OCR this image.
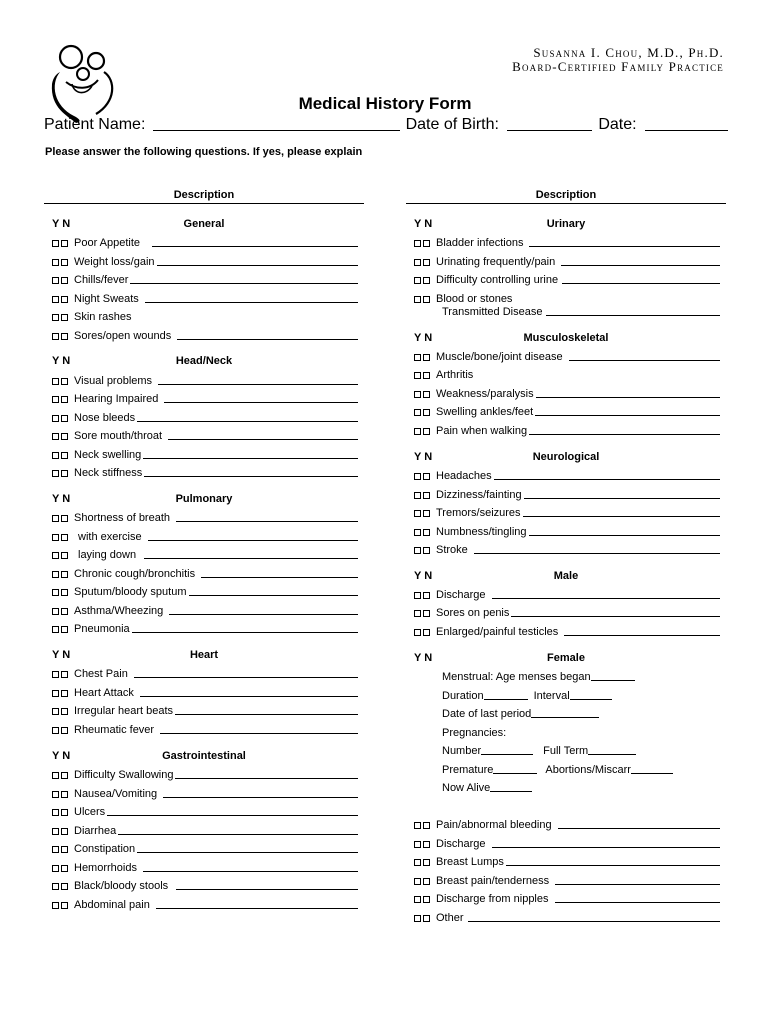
Susanna I. Chou, M.D., Ph.D.
Board-Certified Family Practice
Medical History Form
Patient Name:	Date of Birth:	Date:
Please answer the following questions. If yes, please explain
Description
Y N	General
Poor Appetite
Weight loss/gain
Chills/fever
Night Sweats
Skin rashes
Sores/open wounds
Y N	Head/Neck
Visual problems
Hearing Impaired
Nose bleeds
Sore mouth/throat
Neck swelling
Neck stiffness
Y N	Pulmonary
Shortness of breath
with exercise
laying down
Chronic cough/bronchitis
Sputum/bloody sputum
Asthma/Wheezing
Pneumonia
Y N	Heart
Chest Pain
Heart Attack
Irregular heart beats
Rheumatic fever
Y N	Gastrointestinal
Difficulty Swallowing
Nausea/Vomiting
Ulcers
Diarrhea
Constipation
Hemorrhoids
Black/bloody stools
Abdominal pain
Description
Y N	Urinary
Bladder infections
Urinating frequently/pain
Difficulty controlling urine
Blood or stones
Transmitted Disease
Y N	Musculoskeletal
Muscle/bone/joint disease
Arthritis
Weakness/paralysis
Swelling ankles/feet
Pain when walking
Y N	Neurological
Headaches
Dizziness/fainting
Tremors/seizures
Numbness/tingling
Stroke
Y N	Male
Discharge
Sores on penis
Enlarged/painful testicles
Y N	Female
Menstrual: Age menses began
Duration	Interval
Date of last period
Pregnancies:
Number	Full Term
Premature	Abortions/Miscarr
Now Alive
Pain/abnormal bleeding
Discharge
Breast Lumps
Breast pain/tenderness
Discharge from nipples
Other
